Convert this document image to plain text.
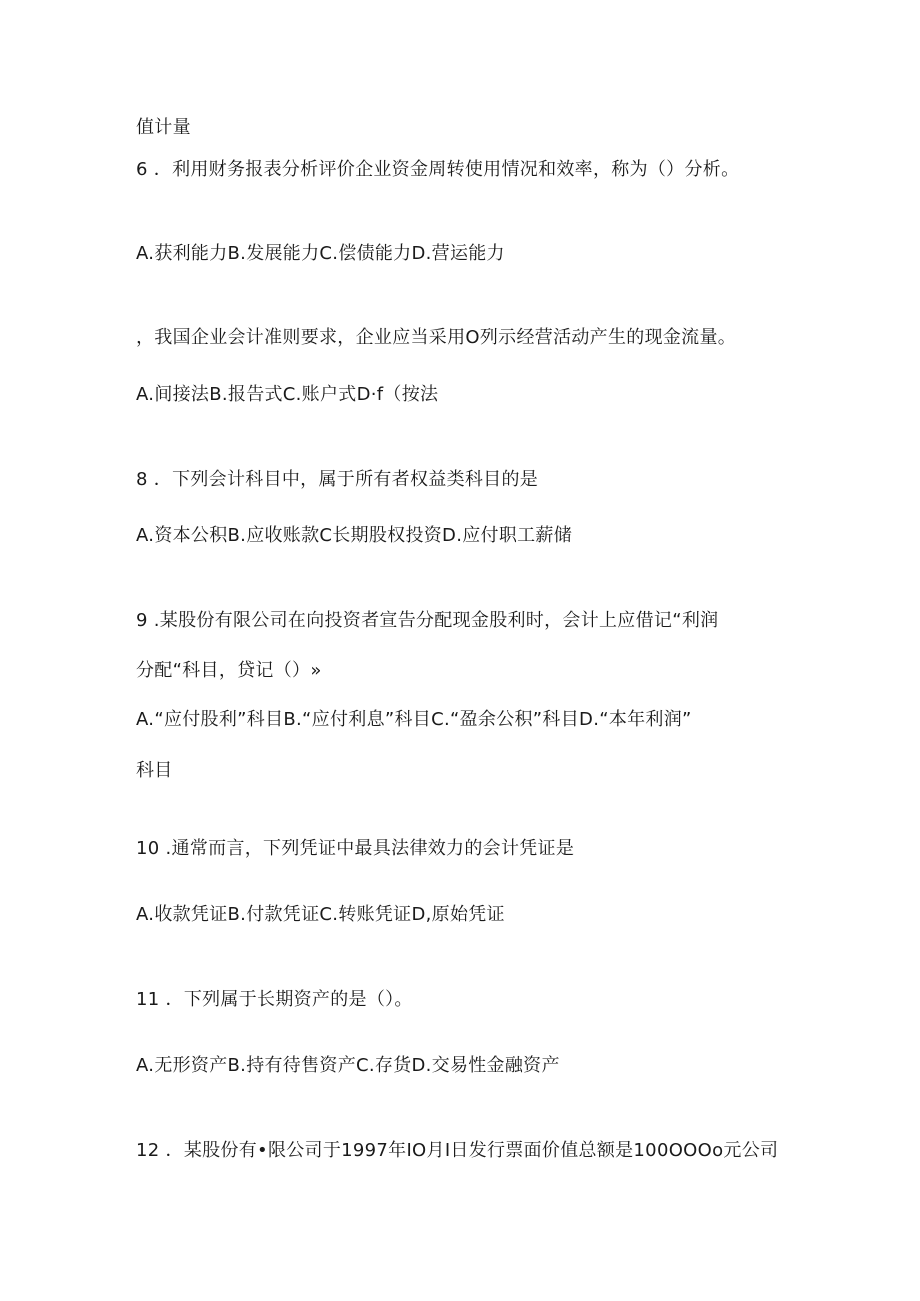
值计量
6 ．利用财务报表分析评价企业资金周转使用情况和效率，称为（）分析。
A.获利能力B.发展能力C.偿债能力D.营运能力
，我国企业会计准则要求，企业应当采用O列示经营活动产生的现金流量。
A.间接法B.报告式C.账户式D·f（按法
8 ．下列会计科目中，属于所有者权益类科目的是
A.资本公积B.应收账款C长期股权投资D.应付职工薪储
9 .某股份有限公司在向投资者宣告分配现金股利时，会计上应借记“利润
分配“科目，贷记（）»
A.“应付股利”科目B.“应付利息”科目C.“盈余公积”科目D.“本年利润”
科目
10 .通常而言，下列凭证中最具法律效力的会计凭证是
A.收款凭证B.付款凭证C.转账凭证D,原始凭证
11 ．下列属于长期资产的是（）。
A.无形资产B.持有待售资产C.存货D.交易性金融资产
12 ．某股份有•限公司于1997年IO月I日发行票面价值总额是100OOOo元公司
